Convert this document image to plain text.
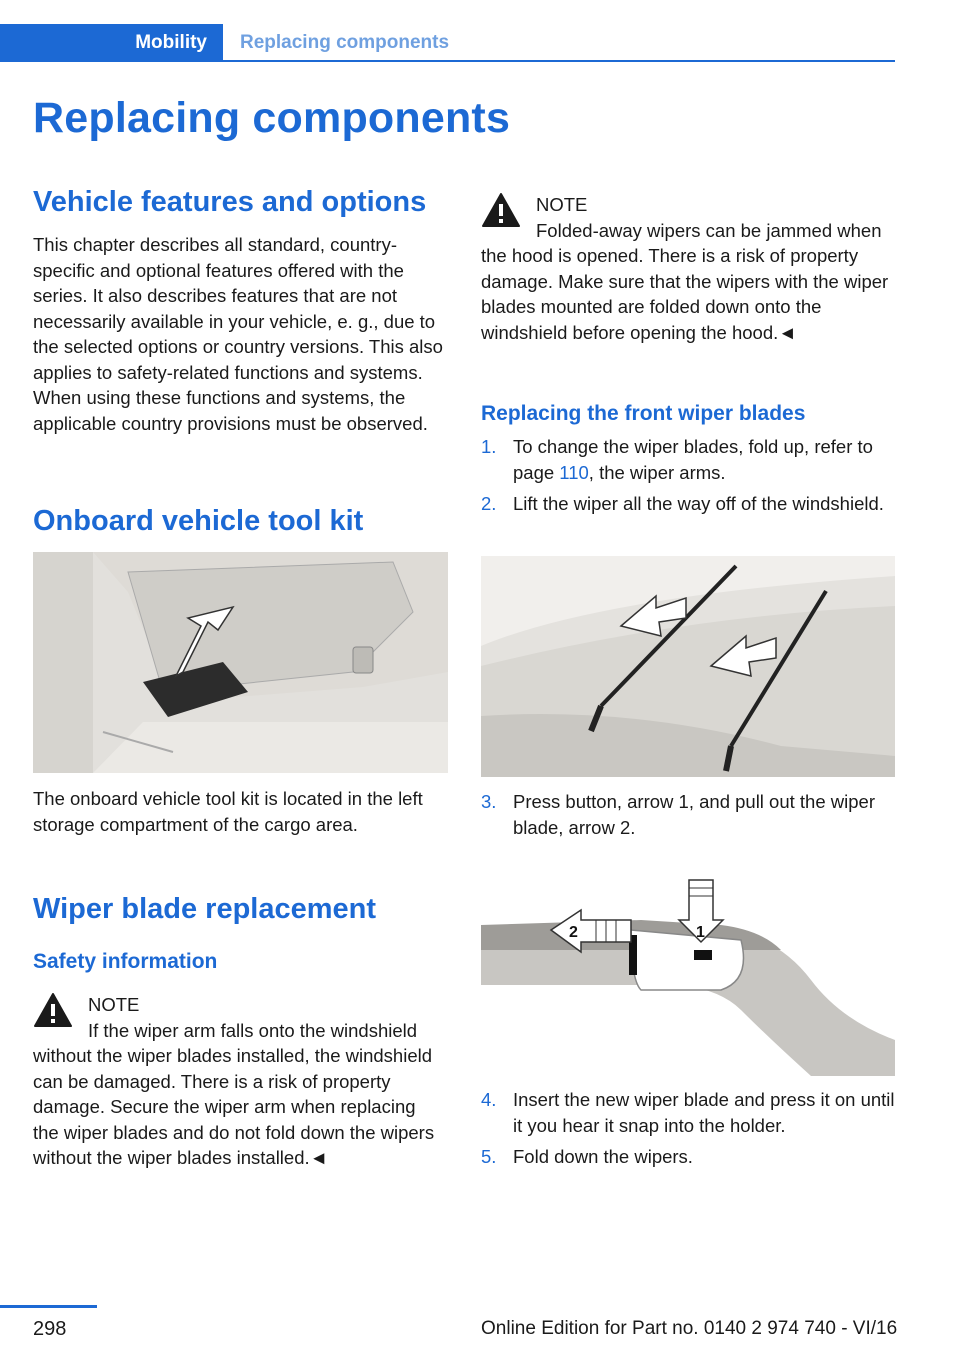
Mobility Replacing components
Replacing components
Vehicle features and options

This chapter describes all standard, country-specific and optional features offered with the series. It also describes features that are not necessarily available in your vehicle, e. g., due to the selected options or country versions. This also applies to safety-related functions and systems. When using these functions and systems, the applicable country provisions must be observed.

Onboard vehicle tool kit

The onboard vehicle tool kit is located in the left storage compartment of the cargo area.

Wiper blade replacement
Safety information
NOTE

If the wiper arm falls onto the windshield without the wiper blades installed, the windshield can be damaged. There is a risk of property damage. Secure the wiper arm when replacing the wiper blades and do not fold down the wipers without the wiper blades installed.◄

NOTE

Folded-away wipers can be jammed when the hood is opened. There is a risk of property damage. Make sure that the wipers with the wiper blades mounted are folded down onto the windshield before opening the hood.◄

Replacing the front wiper blades
1. To change the wiper blades, fold up, refer to page 110, the wiper arms.
2. Lift the wiper all the way off of the windshield.
3. Press button, arrow 1, and pull out the wiper blade, arrow 2.
1
2
4. Insert the new wiper blade and press it on until it you hear it snap into the holder.
5. Fold down the wipers.
298	Online Edition for Part no. 0140 2 974 740 - VI/16
